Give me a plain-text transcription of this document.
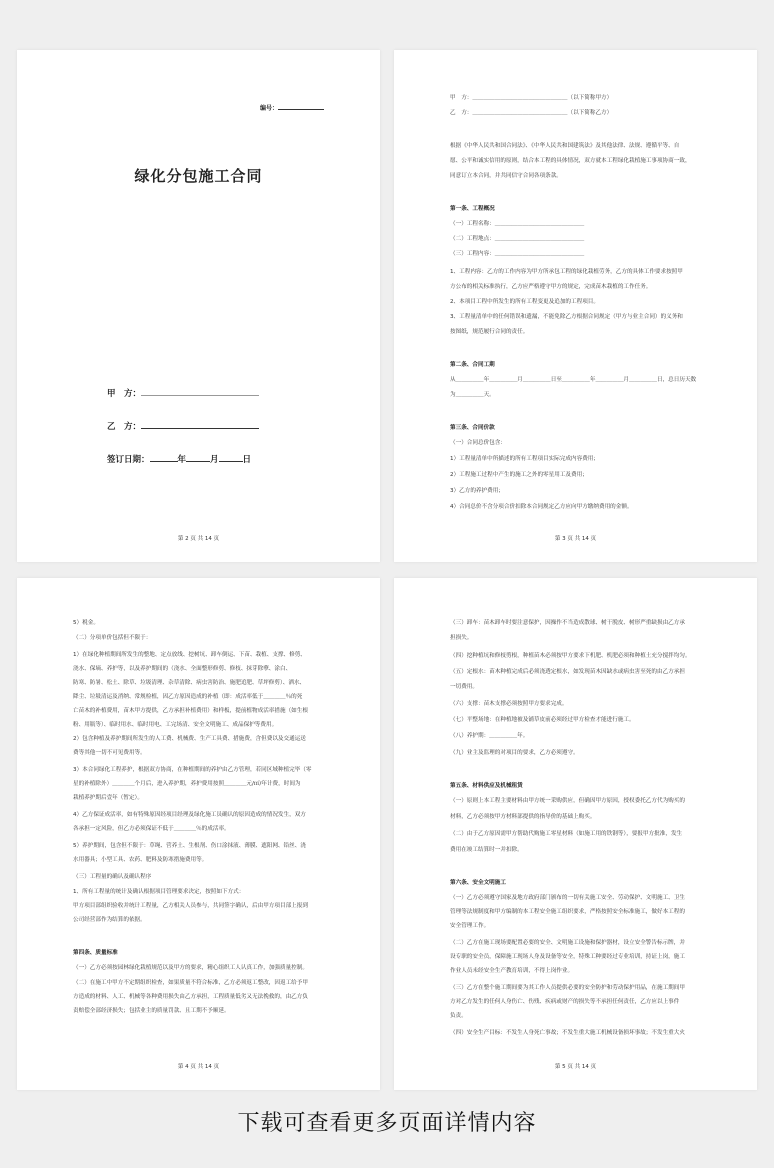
编号：
绿化分包施工合同
甲　方：
乙　方：
签订日期：	年	月	日
第 2 页 共 14 页
甲　方：＿＿＿＿＿＿＿＿＿＿＿＿＿＿＿＿＿（以下简称甲方）
乙　方：＿＿＿＿＿＿＿＿＿＿＿＿＿＿＿＿＿（以下简称乙方）
根据《中华人民共和国合同法》、《中华人民共和国建筑法》及其他法律、法规、遵循平等、自
愿、公平和诚实信用的原则，结合本工程的具体情况，双方就本工程绿化栽植施工事项协商一致，
同意订立本合同，并共同信守合同各项条款。
第一条、工程概况
（一）工程名称：＿＿＿＿＿＿＿＿＿＿＿＿＿＿＿＿
（二）工程地点：＿＿＿＿＿＿＿＿＿＿＿＿＿＿＿＿
（三）工程内容：＿＿＿＿＿＿＿＿＿＿＿＿＿＿＿＿
1、工程内容：乙方的工作内容为甲方所承包工程的绿化栽植劳务，乙方的具体工作要求按照甲
方公布的相关标准执行，乙方应严格遵守甲方的规定，完成苗木栽植的工作任务。
2、本项目工程中所发生的所有工程变更及追加的工程项目。
3、工程量清单中的任何错误和遗漏，不能免除乙方根据合同规定（甲方与业主合同）的义务和
按图纸，规范履行合同的责任。
第二条、合同工期
从＿＿＿＿＿年＿＿＿＿＿月＿＿＿＿＿日至＿＿＿＿＿年＿＿＿＿＿月＿＿＿＿＿日，总日历天数
为＿＿＿＿＿天。
第三条、合同价款
（一）合同总价包含：
1）工程量清单中所描述的所有工程项目实际完成内容费用；
2）工程施工过程中产生的施工之外的零星用工及费用；
3）乙方的养护费用；
4）合同总价不含分项合价扣除本合同规定乙方应向甲方缴纳费用的金额。
第 3 页 共 14 页
5）税金。
（二）分项单价包括但不限于：
1）在绿化种植期间所发生的整地、定点放线、挖树坑、卸车倒运、下苗、栽植、支撑、修剪、
浇水、保墒、养护等，以及养护期间的（浇水、全面整形修剪、修枝、抹芽除孽、涂白、
防寒、防暑、松土、除草、垃圾清理、杂草清除、病虫害防治、施肥追肥、草坪修剪）、洒水、
降尘、垃圾清运及消纳、常规检植，因乙方原因造成的补植（即：成活率低于＿＿＿＿％的死
亡苗木的补植费用，苗木甲方提供，乙方承担补植费用）和样板，提前植物成活率措施（如生根
粉、用瓶等）、临时用水、临时用电、工完场清、安全文明施工、成品保护等费用。
2）包含种植及养护期间所发生的人工费、机械费、生产工具费、措施费，含但费以及交通运送
费等其他一切不可见费用等。
3）本合同绿化工程养护，根据双方协商，在种植期间的养护由乙方管理，若同区域种植完毕（零
星的补植除外）＿＿＿＿个月后，进入养护期，养护费用按照＿＿＿＿元/㎡/年计费，时间为
栽植养护期后壹年（暂定）。
4）乙方保证成活率，如有特殊原因经项目经理及绿化施工员确认的原因造成的情况发生，双方
各承担一定风险，但乙方必须保证不低于＿＿＿＿％的成活率。
5）养护期间，包含但不限于：草绳、营养土、生根剂、伤口涂抹液、薄膜、遮阳网、铅丝、浇
水用器具；小型工具、农药、肥料及防寒措施费用等。
（三）工程量的确认及确认程序
1、所有工程量的统计及确认根据项目管理要求决定，按照如下方式：
甲方项目部组织验收并统计工程量，乙方相关人员参与，共同签字确认，后由甲方项目部上报到
公司经营部作为结算的依据。
第四条、质量标准
（一）乙方必须按园林绿化栽植规范以及甲方的要求，精心组织工人认真工作，加强质量控制。
（二）在施工中甲方不定期组织检查，如果质量不符合标准，乙方必须返工整改，因返工给予甲
方造成的材料、人工、机械等各种费用损失由乙方承担，工程质量低劣又无法挽救的，由乙方负
责赔偿全部经济损失；包括业主的质量罚款、且工期不予顺延。
第 4 页 共 14 页
（三）卸车：苗木卸车时要注意保护，因操作不当造成散球、树干脱皮、树形严重缺损由乙方承
担损失。
（四）挖种植坑和修枝剪根，种植苗木必须按甲方要求下机肥、机肥必须和种植土充分搅拌均匀。
（五）定根水：苗木种植完成后必须浇透定根水，如发现苗木因缺水或病虫害至死的由乙方承担
一切费用。
（六）支撑：苗木支撑必须按照甲方要求完成。
（七）平整场地：在种植地被及铺草皮前必须经过甲方检查才能进行施工。
（八）养护期：＿＿＿＿＿年。
（九）业主及监理的对项目的要求，乙方必须遵守。
第五条、材料供应及机械租赁
（一）原则上本工程主要材料由甲方统一采购供应，但确因甲方原因，授权委托乙方代为购买的
材料，乙方必须按甲方材料部提供的指导价的基础上购买。
（二）由于乙方原因需甲方帮助代购施工零星材料（如施工用的铁钢等），要报甲方批准，发生
费用在竣工结算时一并扣除。
第六条、安全文明施工
（一）乙方必须遵守国家及地方政府部门颁布的一切有关施工安全、劳动保护、文明施工、卫生
管理等法规制度和甲方编制的本工程安全施工组织要求，严格按照安全标准施工，做好本工程的
安全管理工作。
（二）乙方在施工现场要配置必要的安全、文明施工设施和保护器材，设立安全警告标示牌，并
设专职的安全员，保障施工现场人身及设备等安全，特殊工种要经过专业培训，持证上岗，施工
作业人员未经安全生产教育培训，不得上岗作业。
（三）乙方在整个施工期间要为其工作人员提供必要的安全防护和劳动保护用品，在施工期间甲
方对乙方发生的任何人身伤亡、伤残、疾病或财产的损失等不承担任何责任，乙方应以上事件
负责。
（四）安全生产目标：不发生人身死亡事故；不发生重大施工机械设备损坏事故；不发生重大火
第 5 页 共 14 页
下载可查看更多页面详情内容
